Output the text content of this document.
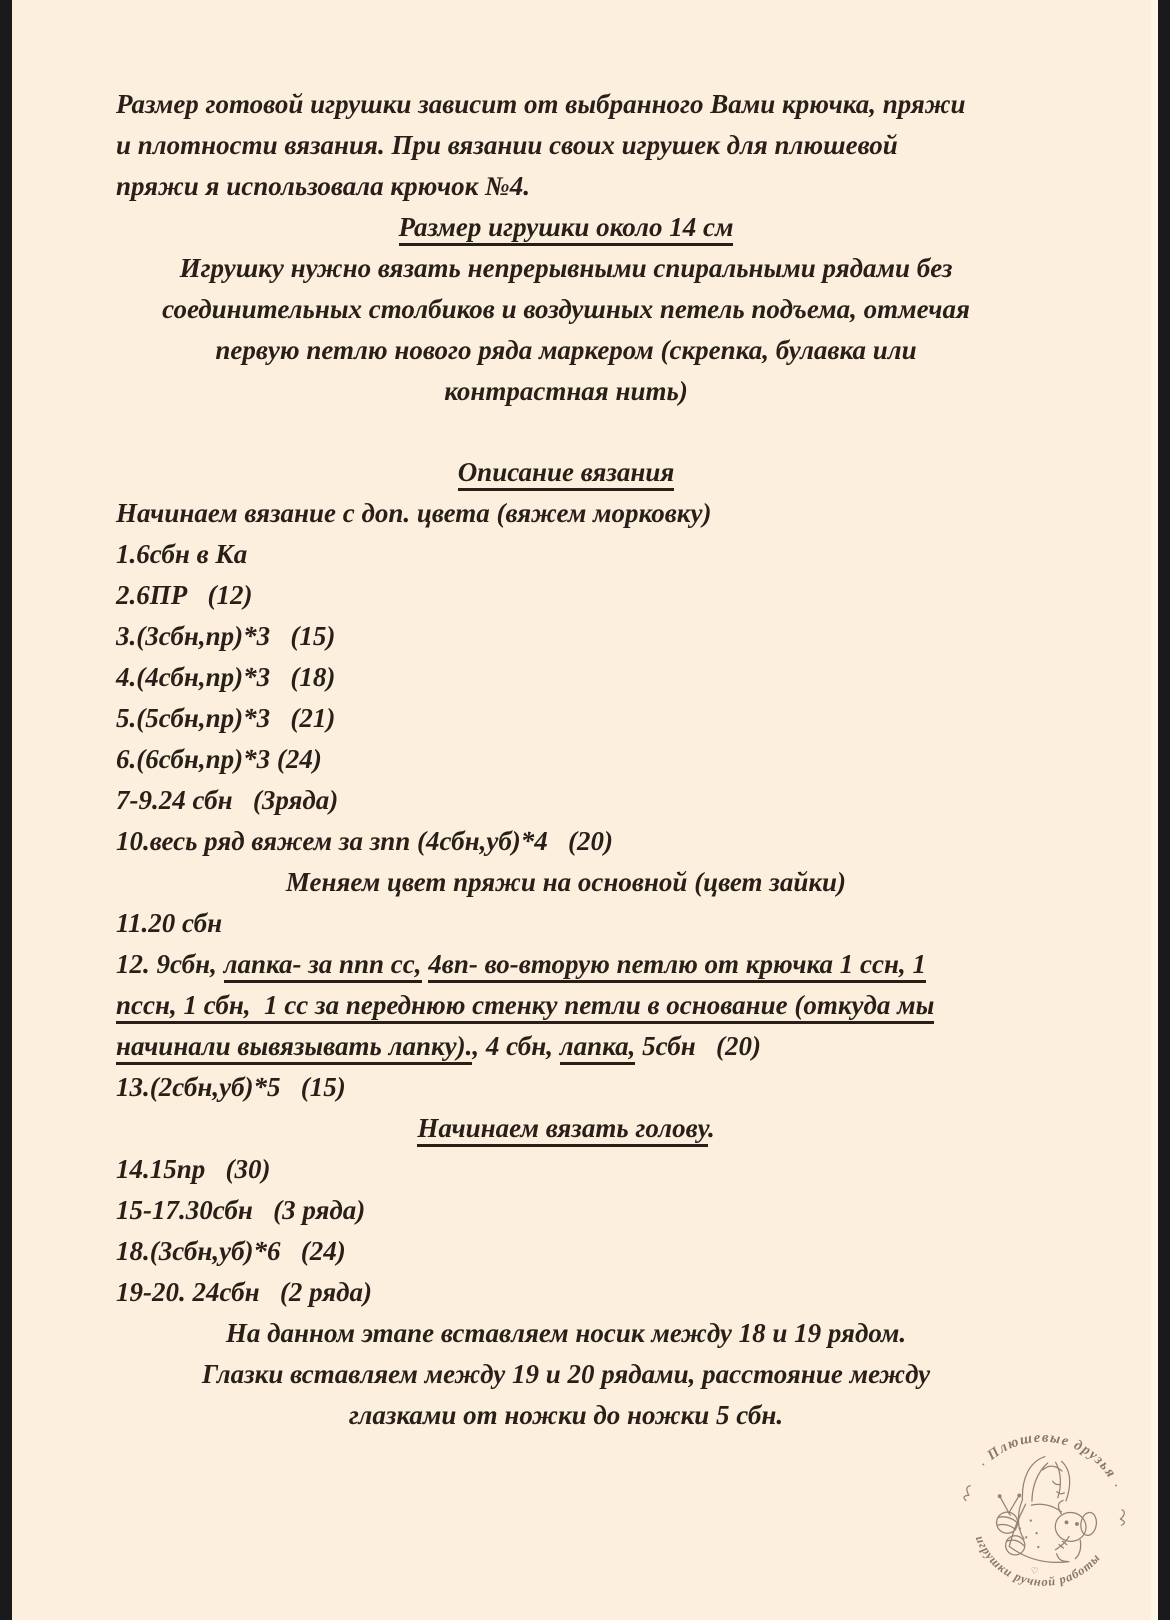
Размер готовой игрушки зависит от выбранного Вами крючка, пряжи
и плотности вязания. При вязании своих игрушек для плюшевой
пряжи я использовала крючок №4.
Размер игрушки около 14 см
Игрушку нужно вязать непрерывными спиральными рядами без
соединительных столбиков и воздушных петель подъема, отмечая
первую петлю нового ряда маркером (скрепка, булавка или
контрастная нить)
Описание вязания
Начинаем вязание с доп. цвета (вяжем морковку)
1.6сбн в Ка
2.6ПР   (12)
3.(3сбн,пр)*3   (15)
4.(4сбн,пр)*3   (18)
5.(5сбн,пр)*3   (21)
6.(6сбн,пр)*3 (24)
7-9.24 сбн   (3ряда)
10.весь ряд вяжем за зпп (4сбн,уб)*4   (20)
Меняем цвет пряжи на основной (цвет зайки)
11.20 сбн
12. 9сбн, лапка- за ппп сс, 4вп- во-вторую петлю от крючка 1 ссн, 1
пссн, 1 сбн,  1 сс за переднюю стенку петли в основание (откуда мы
начинали вывязывать лапку)., 4 сбн, лапка, 5сбн   (20)
13.(2сбн,уб)*5   (15)
Начинаем вязать голову.
14.15пр   (30)
15-17.30сбн   (3 ряда)
18.(3сбн,уб)*6   (24)
19-20. 24сбн   (2 ряда)
На данном этапе вставляем носик между 18 и 19 рядом.
Глазки вставляем между 19 и 20 рядами, расстояние между
глазками от ножки до ножки 5 сбн.
Плюшевые друзья
игрушки ручной работы
♡
